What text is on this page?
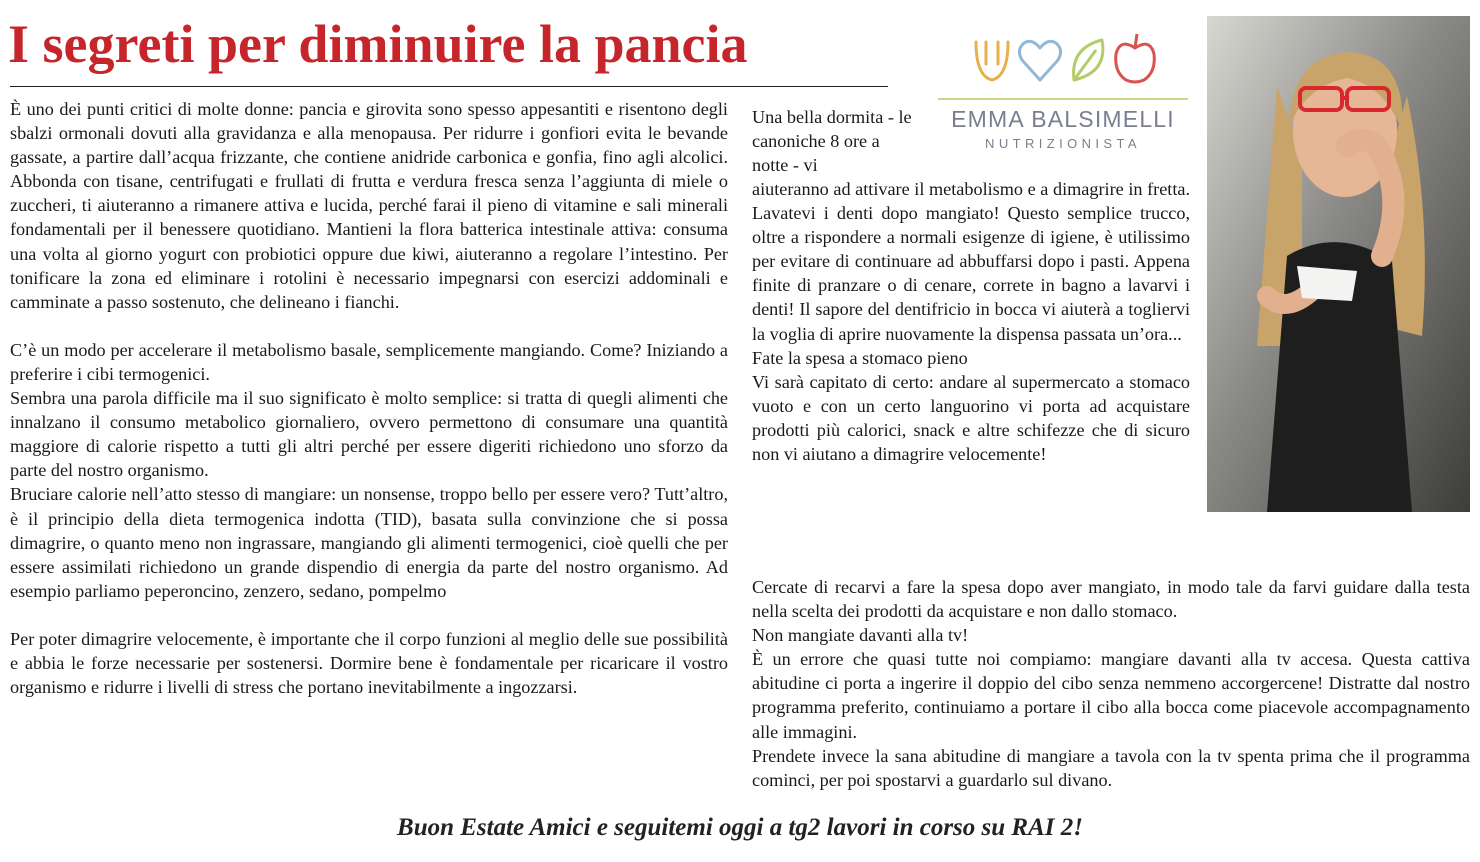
I segreti per diminuire la pancia

È uno dei punti critici di molte donne: pancia e girovita sono spesso appesantiti e risentono degli sbalzi ormonali dovuti alla gravidanza e alla menopausa. Per ridurre i gonfiori evita le bevande gassate, a partire dall’acqua frizzante, che contiene anidride carbonica e gonfia, fino agli alcolici. Abbonda con tisane, centrifugati e frullati di frutta e verdura fresca senza l’aggiunta di miele o zuccheri, ti aiuteranno a rimanere attiva e lucida, perché farai il pieno di vitamine e sali minerali fondamentali per il benessere quotidiano. Mantieni la flora batterica intestinale attiva: consuma una volta al giorno yogurt con probiotici oppure due kiwi, aiuteranno a regolare l’intestino. Per tonificare la zona ed eliminare i rotolini è necessario impegnarsi con esercizi addominali e camminate a passo sostenuto, che delineano i fianchi.

C’è un modo per accelerare il metabolismo basale, semplicemente mangiando. Come? Iniziando a preferire i cibi termogenici.

Sembra una parola difficile ma il suo significato è molto semplice: si tratta di quegli alimenti che innalzano il consumo metabolico giornaliero, ovvero permettono di consumare una quantità maggiore di calorie rispetto a tutti gli altri perché per essere digeriti richiedono uno sforzo da parte del nostro organismo.

Bruciare calorie nell’atto stesso di mangiare: un nonsense, troppo bello per essere vero? Tutt’altro, è il principio della dieta termogenica indotta (TID), basata sulla convinzione che si possa dimagrire, o quanto meno non ingrassare, mangiando gli alimenti termogenici, cioè quelli che per essere assimilati richiedono un grande dispendio di energia da parte del nostro organismo. Ad esempio parliamo peperoncino, zenzero, sedano, pompelmo

Per poter dimagrire velocemente, è importante che il corpo funzioni al meglio delle sue possibilità e abbia le forze necessarie per sostenersi. Dormire bene è fondamentale per ricaricare il vostro organismo e ridurre i livelli di stress che portano inevitabilmente a ingozzarsi.

Una bella dormita - le canoniche 8 ore a notte - vi

aiuteranno ad attivare il metabolismo e a dimagrire in fretta. Lavatevi i denti dopo mangiato! Questo semplice trucco, oltre a rispondere a normali esigenze di igiene, è utilissimo per evitare di continuare ad abbuffarsi dopo i pasti. Appena finite di pranzare o di cenare, correte in bagno a lavarvi i denti! Il sapore del dentifricio in bocca vi aiuterà a togliervi la voglia di aprire nuovamente la dispensa passata un’ora...

Fate la spesa a stomaco pieno

Vi sarà capitato di certo: andare al supermercato a stomaco vuoto e con un certo languorino vi porta ad acquistare prodotti più calorici, snack e altre schifezze che di sicuro non vi aiutano a dimagrire velocemente!

Cercate di recarvi a fare la spesa dopo aver mangiato, in modo tale da farvi guidare dalla testa nella scelta dei prodotti da acquistare e non dallo stomaco.

Non mangiate davanti alla tv!

È un errore che quasi tutte noi compiamo: mangiare davanti alla tv accesa. Questa cattiva abitudine ci porta a ingerire il doppio del cibo senza nemmeno accorgercene! Distratte dal nostro programma preferito, continuiamo a portare il cibo alla bocca come piacevole accompagnamento alle immagini.

Prendete invece la sana abitudine di mangiare a tavola con la tv spenta prima che il programma cominci, per poi spostarvi a guardarlo sul divano.

EMMA BALSIMELLI
NUTRIZIONISTA
Buon Estate Amici e seguitemi oggi a tg2 lavori in corso su RAI 2!
